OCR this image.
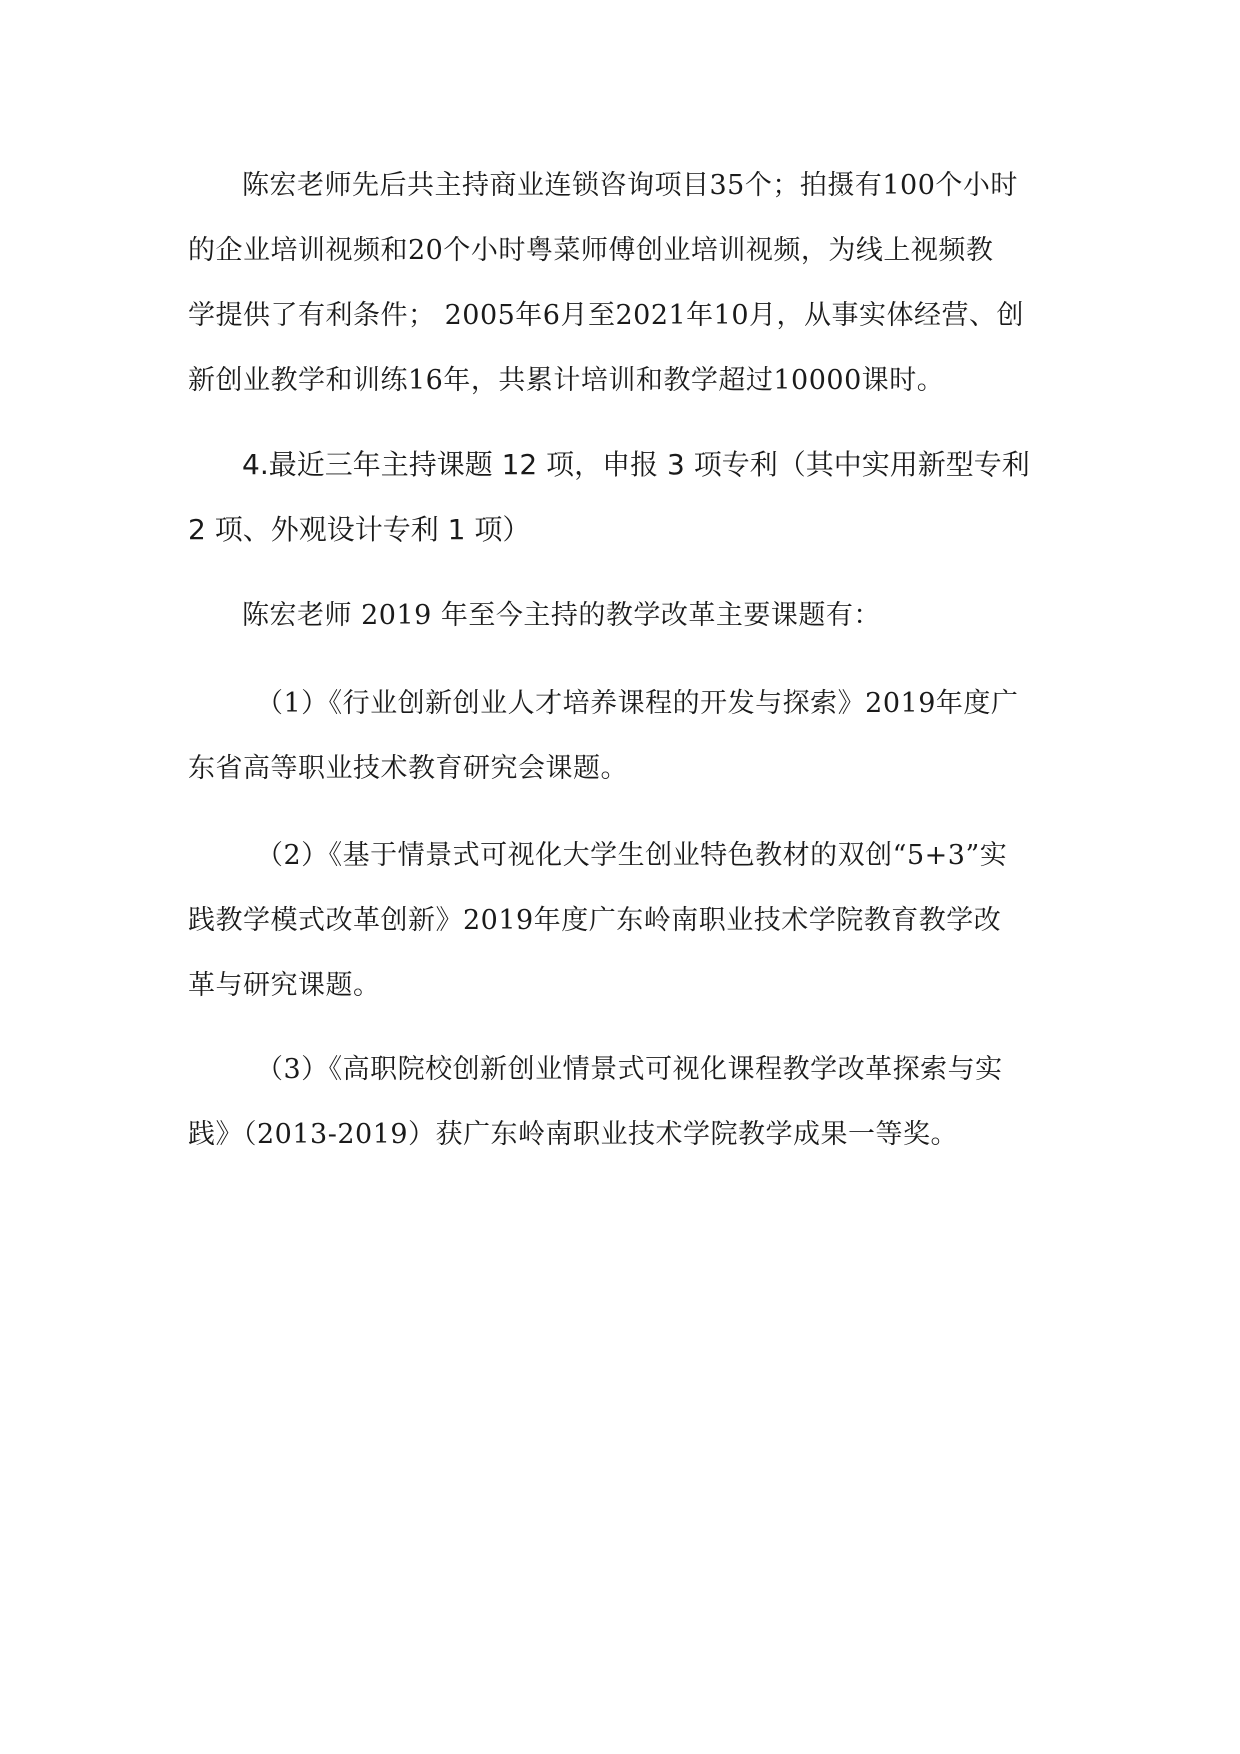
陈宏老师先后共主持商业连锁咨询项目35个；拍摄有100个小时
的企业培训视频和20个小时粤菜师傅创业培训视频，为线上视频教
学提供了有利条件； 2005年6月至2021年10月，从事实体经营、创
新创业教学和训练16年，共累计培训和教学超过10000课时。
4.最近三年主持课题 12 项，申报 3 项专利（其中实用新型专利
2 项、外观设计专利 1 项）
陈宏老师 2019 年至今主持的教学改革主要课题有：
（1）《行业创新创业人才培养课程的开发与探索》2019年度广
东省高等职业技术教育研究会课题。
（2）《基于情景式可视化大学生创业特色教材的双创“5+3”实
践教学模式改革创新》2019年度广东岭南职业技术学院教育教学改
革与研究课题。
（3）《高职院校创新创业情景式可视化课程教学改革探索与实
践》（2013-2019）获广东岭南职业技术学院教学成果一等奖。
